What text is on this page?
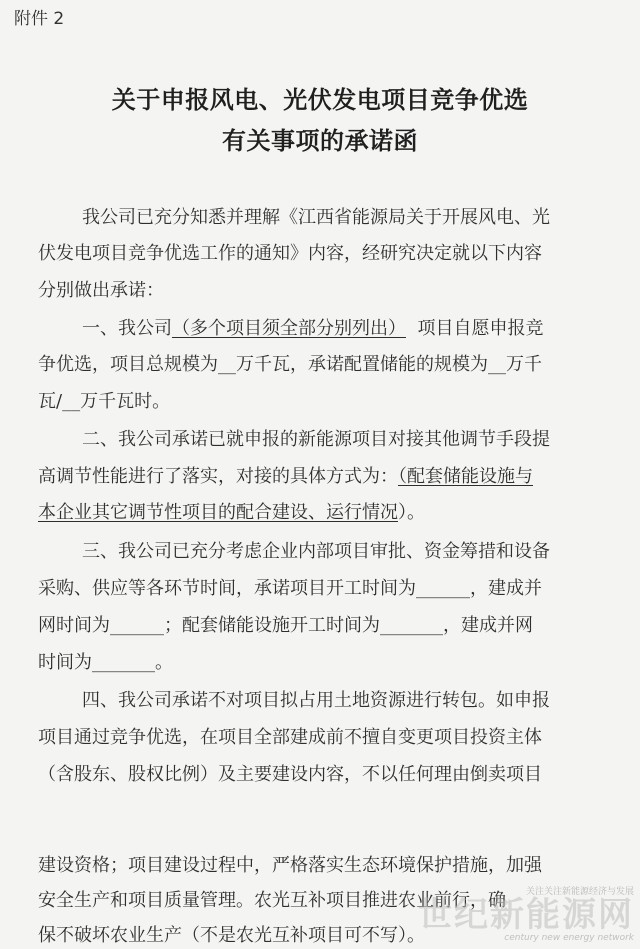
附件 2
关于申报风电、光伏发电项目竞争优选
有关事项的承诺函
我公司已充分知悉并理解《江西省能源局关于开展风电、光
伏发电项目竞争优选工作的通知》内容，经研究决定就以下内容
分别做出承诺：
一、我公司（多个项目须全部分别列出） 项目自愿申报竞
争优选，项目总规模为__万千瓦，承诺配置储能的规模为__万千
瓦/__万千瓦时。
二、我公司承诺已就申报的新能源项目对接其他调节手段提
高调节性能进行了落实，对接的具体方式为：（配套储能设施与
本企业其它调节性项目的配合建设、运行情况）。
三、我公司已充分考虑企业内部项目审批、资金筹措和设备
采购、供应等各环节时间，承诺项目开工时间为______，建成并
网时间为______；配套储能设施开工时间为_______，建成并网
时间为_______。
四、我公司承诺不对项目拟占用土地资源进行转包。如申报
项目通过竞争优选，在项目全部建成前不擅自变更项目投资主体
（含股东、股权比例）及主要建设内容，不以任何理由倒卖项目
建设资格；项目建设过程中，严格落实生态环境保护措施，加强
安全生产和项目质量管理。农光互补项目推进农业前行，确
保不破坏农业生产（不是农光互补项目可不写）。
关注关注新能源经济与发展
世纪新能源网
century new energy network
